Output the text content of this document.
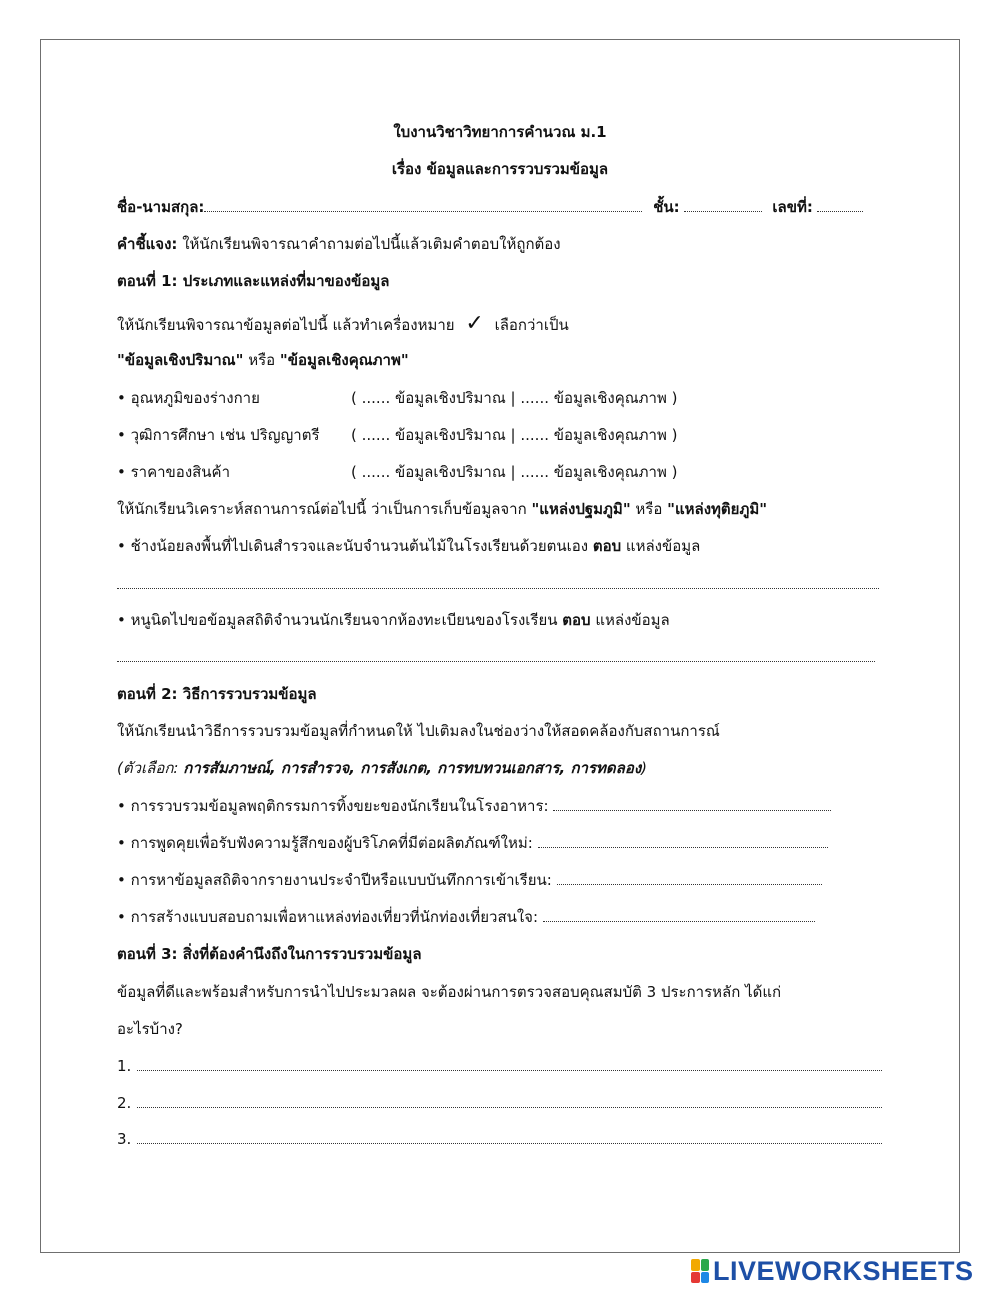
ใบงานวิชาวิทยาการคำนวณ ม.1
เรื่อง ข้อมูลและการรวบรวมข้อมูล
ชื่อ-นามสกุล:	ชั้น:	เลขที่:
คำชี้แจง: ให้นักเรียนพิจารณาคำถามต่อไปนี้แล้วเติมคำตอบให้ถูกต้อง
ตอนที่ 1: ประเภทและแหล่งที่มาของข้อมูล
ให้นักเรียนพิจารณาข้อมูลต่อไปนี้ แล้วทำเครื่องหมาย ✓ เลือกว่าเป็น
"ข้อมูลเชิงปริมาณ" หรือ "ข้อมูลเชิงคุณภาพ"
• อุณหภูมิของร่างกาย	( ...... ข้อมูลเชิงปริมาณ | ...... ข้อมูลเชิงคุณภาพ )
• วุฒิการศึกษา เช่น ปริญญาตรี ( ...... ข้อมูลเชิงปริมาณ | ...... ข้อมูลเชิงคุณภาพ )
• ราคาของสินค้า	( ...... ข้อมูลเชิงปริมาณ | ...... ข้อมูลเชิงคุณภาพ )
ให้นักเรียนวิเคราะห์สถานการณ์ต่อไปนี้ ว่าเป็นการเก็บข้อมูลจาก "แหล่งปฐมภูมิ" หรือ "แหล่งทุติยภูมิ"
• ช้างน้อยลงพื้นที่ไปเดินสำรวจและนับจำนวนต้นไม้ในโรงเรียนด้วยตนเอง ตอบ แหล่งข้อมูล
• หนูนิดไปขอข้อมูลสถิติจำนวนนักเรียนจากห้องทะเบียนของโรงเรียน ตอบ แหล่งข้อมูล
ตอนที่ 2: วิธีการรวบรวมข้อมูล
ให้นักเรียนนำวิธีการรวบรวมข้อมูลที่กำหนดให้ ไปเติมลงในช่องว่างให้สอดคล้องกับสถานการณ์
(ตัวเลือก: การสัมภาษณ์, การสำรวจ, การสังเกต, การทบทวนเอกสาร, การทดลอง)
• การรวบรวมข้อมูลพฤติกรรมการทิ้งขยะของนักเรียนในโรงอาหาร:
• การพูดคุยเพื่อรับฟังความรู้สึกของผู้บริโภคที่มีต่อผลิตภัณฑ์ใหม่:
• การหาข้อมูลสถิติจากรายงานประจำปีหรือแบบบันทึกการเข้าเรียน:
• การสร้างแบบสอบถามเพื่อหาแหล่งท่องเที่ยวที่นักท่องเที่ยวสนใจ:
ตอนที่ 3: สิ่งที่ต้องคำนึงถึงในการรวบรวมข้อมูล
ข้อมูลที่ดีและพร้อมสำหรับการนำไปประมวลผล จะต้องผ่านการตรวจสอบคุณสมบัติ 3 ประการหลัก ได้แก่
อะไรบ้าง?
1.
2.
3.
LIVEWORKSHEETS
